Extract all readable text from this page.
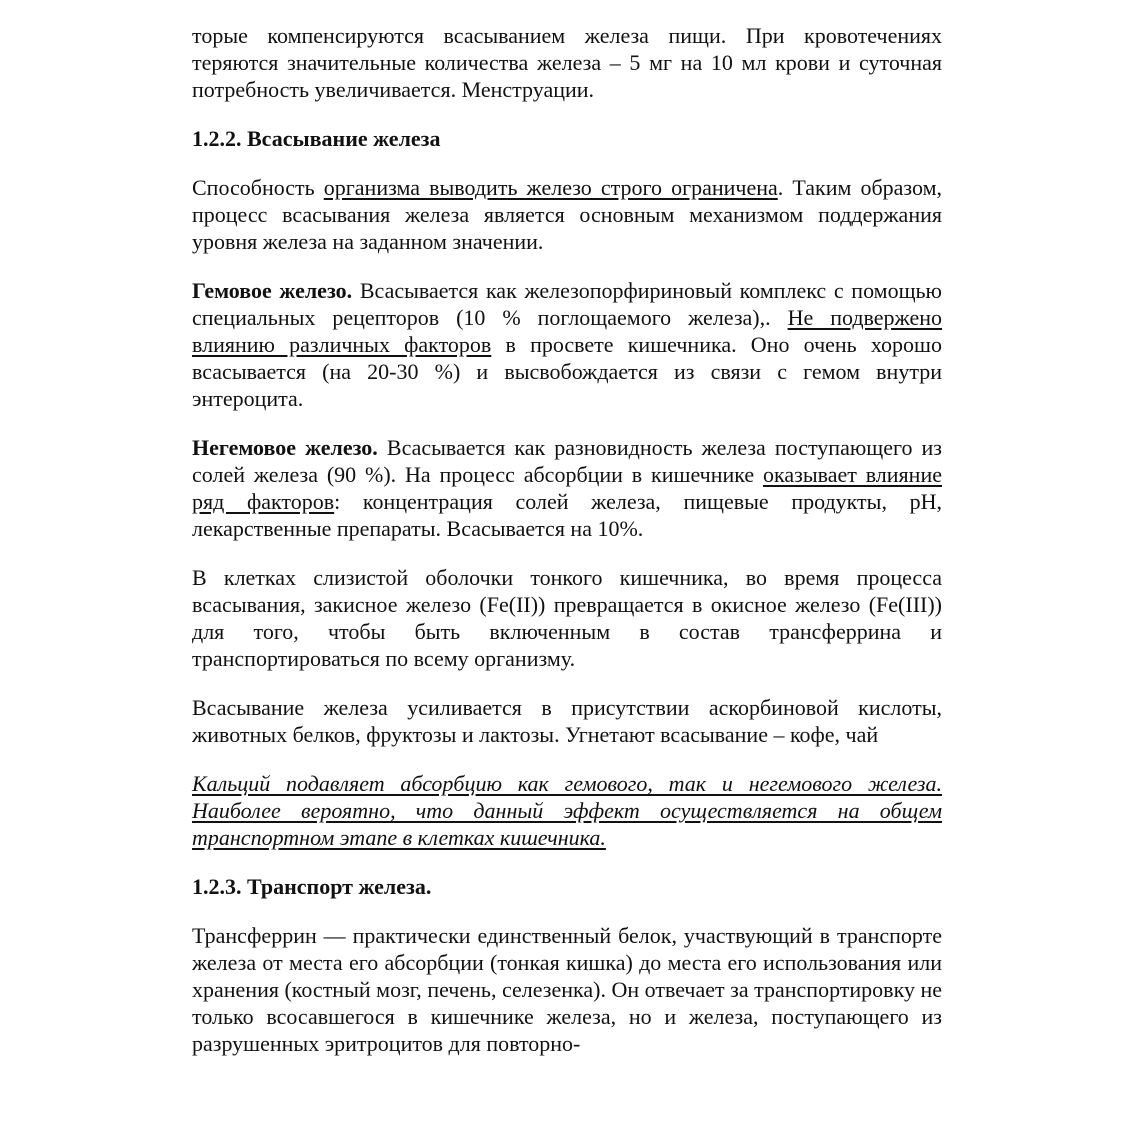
торые компенсируются всасыванием железа пищи. При кровотечениях теряются значительные количества железа – 5 мг на 10 мл крови и суточная потребность увеличивается. Менструации.

1.2.2. Всасывание железа

Способность организма выводить железо строго ограничена. Таким образом, процесс всасывания железа является основным механизмом поддержания уровня железа на заданном значении.

Гемовое железо. Всасывается как железопорфириновый комплекс с помощью специальных рецепторов (10 % поглощаемого железа),. Не подвержено влиянию различных факторов в просвете кишечника. Оно очень хорошо всасывается (на 20-30 %) и высвобождается из связи с гемом внутри энтероцита.

Негемовое железо. Всасывается как разновидность железа поступающего из солей железа (90 %). На процесс абсорбции в кишечнике оказывает влияние ряд факторов: концентрация солей железа, пищевые продукты, рН, лекарственные препараты. Всасывается на 10%.

В клетках слизистой оболочки тонкого кишечника, во время процесса всасывания, закисное железо (Fe(II)) превращается в окисное железо (Fe(III)) для того, чтобы быть включенным в состав трансферрина и транспортироваться по всему организму.

Всасывание железа усиливается в присутствии аскорбиновой кислоты, животных белков, фруктозы и лактозы. Угнетают всасывание – кофе, чай

Кальций подавляет абсорбцию как гемового, так и негемового железа. Наиболее вероятно, что данный эффект осуществляется на общем транспортном этапе в клетках кишечника.

1.2.3. Транспорт железа.

Трансферрин — практически единственный белок, участвующий в транспорте железа от места его абсорбции (тонкая кишка) до места его использования или хранения (костный мозг, печень, селезенка). Он отвечает за транспортировку не только всосавшегося в кишечнике железа, но и железа, поступающего из разрушенных эритроцитов для повторно-
